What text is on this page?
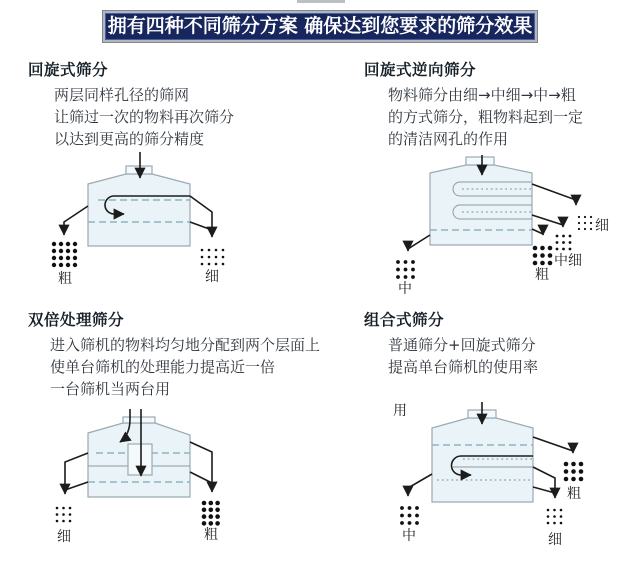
拥有四种不同筛分方案 确保达到您要求的筛分效果
回旋式筛分
两层同样孔径的筛网
让筛过一次的物料再次筛分
以达到更高的筛分精度
粗	细
回旋式逆向筛分
物料筛分由细→中细→中→粗
的方式筛分，粗物料起到一定
的清洁网孔的作用
细
中细
粗
中
双倍处理筛分
进入筛机的物料均匀地分配到两个层面上
使单台筛机的处理能力提高近一倍
一台筛机当两台用
细	粗
组合式筛分
普通筛分+回旋式筛分
提高单台筛机的使用率
用
粗
细
中
